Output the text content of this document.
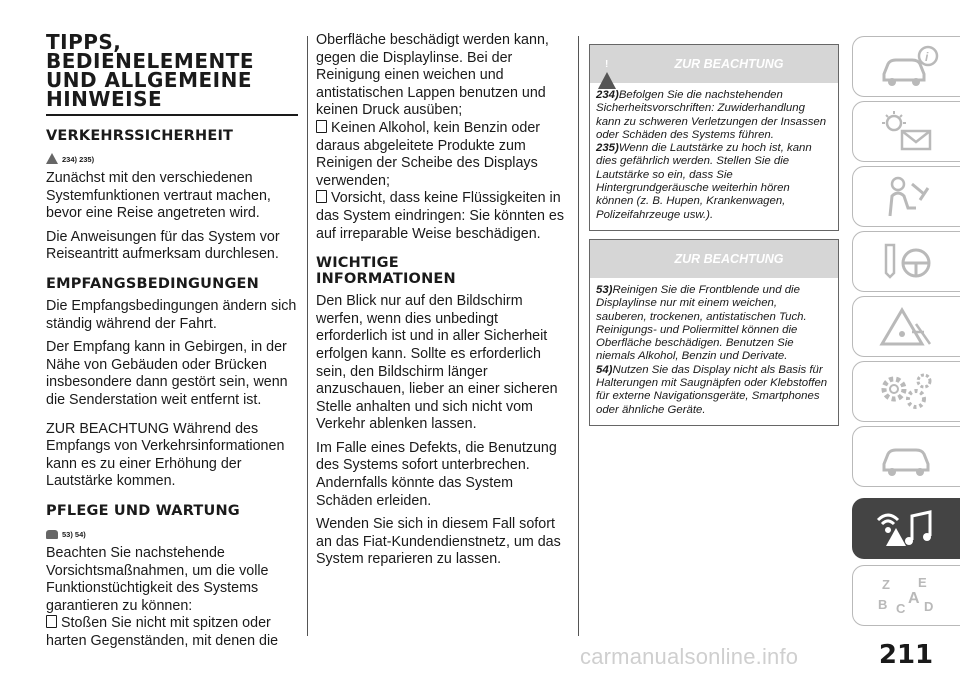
TIPPS, BEDIENELEMENTE UND ALLGEMEINE HINWEISE
VERKEHRSSICHERHEIT
234) 235)

Zunächst mit den verschiedenen Systemfunktionen vertraut machen, bevor eine Reise angetreten wird.

Die Anweisungen für das System vor Reiseantritt aufmerksam durchlesen.

EMPFANGSBEDINGUNGEN

Die Empfangsbedingungen ändern sich ständig während der Fahrt.

Der Empfang kann in Gebirgen, in der Nähe von Gebäuden oder Brücken insbesondere dann gestört sein, wenn die Senderstation weit entfernt ist.

ZUR BEACHTUNG Während des Empfangs von Verkehrsinformationen kann es zu einer Erhöhung der Lautstärke kommen.

PFLEGE UND WARTUNG
53) 54)

Beachten Sie nachstehende Vorsichtsmaßnahmen, um die volle Funktionstüchtigkeit des Systems garantieren zu können:

Stoßen Sie nicht mit spitzen oder harten Gegenständen, mit denen die

Oberfläche beschädigt werden kann, gegen die Displaylinse. Bei der Reinigung einen weichen und antistatischen Lappen benutzen und keinen Druck ausüben;

Keinen Alkohol, kein Benzin oder daraus abgeleitete Produkte zum Reinigen der Scheibe des Displays verwenden;

Vorsicht, dass keine Flüssigkeiten in das System eindringen: Sie könnten es auf irreparable Weise beschädigen.

WICHTIGE INFORMATIONEN

Den Blick nur auf den Bildschirm werfen, wenn dies unbedingt erforderlich ist und in aller Sicherheit erfolgen kann. Sollte es erforderlich sein, den Bildschirm länger anzuschauen, lieber an einer sicheren Stelle anhalten und sich nicht vom Verkehr ablenken lassen.

Im Falle eines Defekts, die Benutzung des Systems sofort unterbrechen. Andernfalls könnte das System Schäden erleiden.

Wenden Sie sich in diesem Fall sofort an das Fiat-Kundendienstnetz, um das System reparieren zu lassen.

!
ZUR BEACHTUNG
234)Befolgen Sie die nachstehenden Sicherheitsvorschriften: Zuwiderhandlung kann zu schweren Verletzungen der Insassen oder Schäden des Systems führen.
235)Wenn die Lautstärke zu hoch ist, kann dies gefährlich werden. Stellen Sie die Lautstärke so ein, dass Sie Hintergrundgeräusche weiterhin hören können (z. B. Hupen, Krankenwagen, Polizeifahrzeuge usw.).
ZUR BEACHTUNG
53)Reinigen Sie die Frontblende und die Displaylinse nur mit einem weichen, sauberen, trockenen, antistatischen Tuch. Reinigungs- und Poliermittel können die Oberfläche beschädigen. Benutzen Sie niemals Alkohol, Benzin und Derivate.
54)Nutzen Sie das Display nicht als Basis für Halterungen mit Saugnäpfen oder Klebstoffen für externe Navigationsgeräte, Smartphones oder ähnliche Geräte.
i
Z E
B C
A D
carmanualsonline.info	211
